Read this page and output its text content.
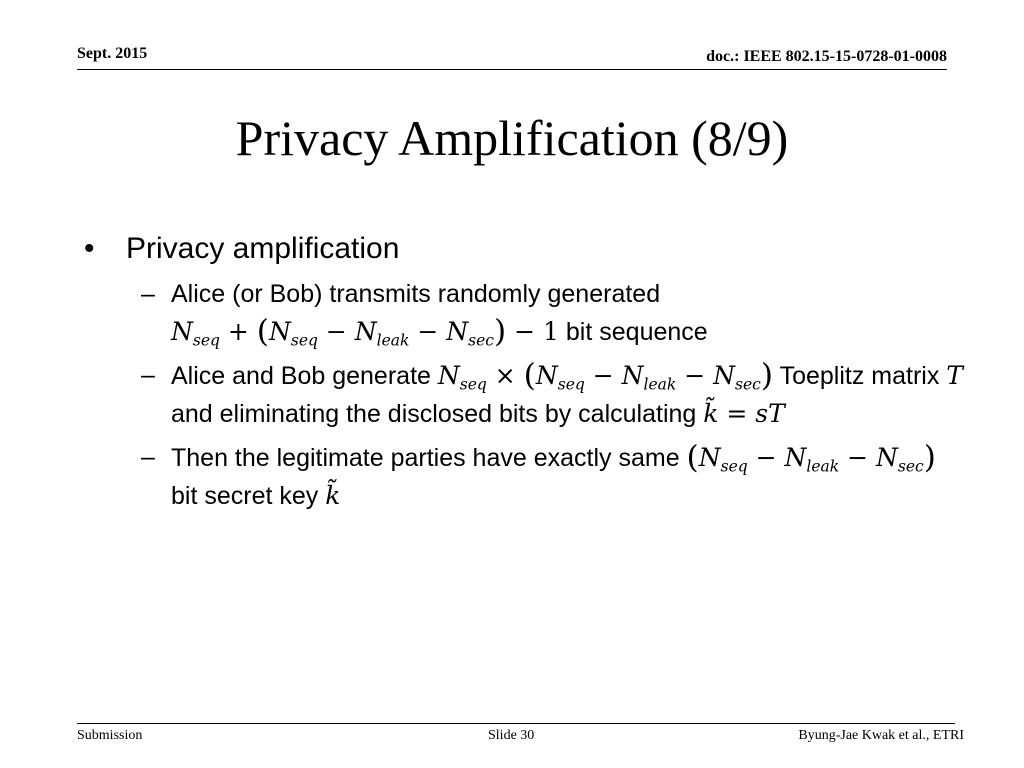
Sept. 2015	doc.: IEEE 802.15-15-0728-01-0008
Privacy Amplification (8/9)
• Privacy amplification
– Alice (or Bob) transmits randomly generated
$N_{seq} + (N_{seq} - N_{leak} - N_{sec}) - 1$ bit sequence
– Alice and Bob generate $N_{seq} \times (N_{seq} - N_{leak} - N_{sec})$ Toeplitz matrix T and eliminating the disclosed bits by calculating k̃ = sT
– Then the legitimate parties have exactly same $(N_{seq} - N_{leak} - N_{sec})$ bit secret key k̃
Submission	Slide 30	Byung-Jae Kwak et al., ETRI
